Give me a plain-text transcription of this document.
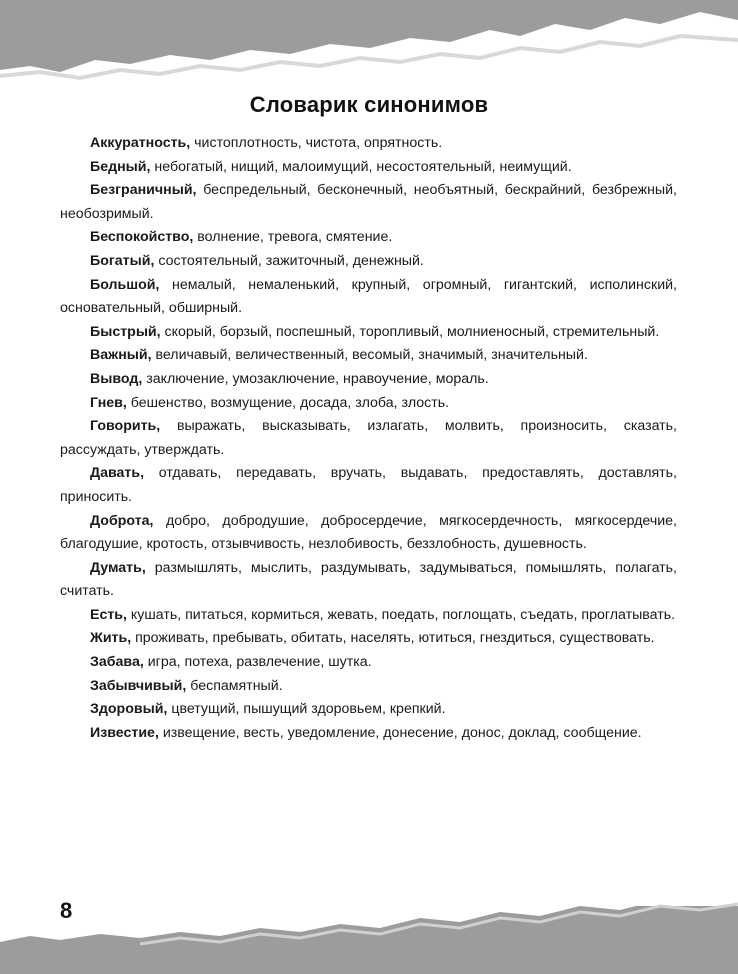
Словарик синонимов

Аккуратность, чистоплотность, чистота, опрятность.

Бедный, небогатый, нищий, малоимущий, несостоятельный, неимущий.

Безграничный, беспредельный, бесконечный, необъятный, бескрайний, безбрежный, необозримый.

Беспокойство, волнение, тревога, смятение.

Богатый, состоятельный, зажиточный, денежный.

Большой, немалый, немаленький, крупный, огромный, гигантский, исполинский, основательный, обширный.

Быстрый, скорый, борзый, поспешный, торопливый, молниеносный, стремительный.

Важный, величавый, величественный, весомый, значимый, значительный.

Вывод, заключение, умозаключение, нравоучение, мораль.

Гнев, бешенство, возмущение, досада, злоба, злость.

Говорить, выражать, высказывать, излагать, молвить, произносить, сказать, рассуждать, утверждать.

Давать, отдавать, передавать, вручать, выдавать, предоставлять, доставлять, приносить.

Доброта, добро, добродушие, доброcердечие, мягкосердечность, мягкосердечие, благодушие, кротость, отзывчивость, незлобивость, беззлобность, душевность.

Думать, размышлять, мыслить, раздумывать, задумываться, помышлять, полагать, считать.

Есть, кушать, питаться, кормиться, жевать, поедать, поглощать, съедать, проглатывать.

Жить, проживать, пребывать, обитать, населять, ютиться, гнездиться, существовать.

Забава, игра, потеха, развлечение, шутка.

Забывчивый, беспамятный.

Здоровый, цветущий, пышущий здоровьем, крепкий.

Известие, извещение, весть, уведомление, донесение, донос, доклад, сообщение.

8
